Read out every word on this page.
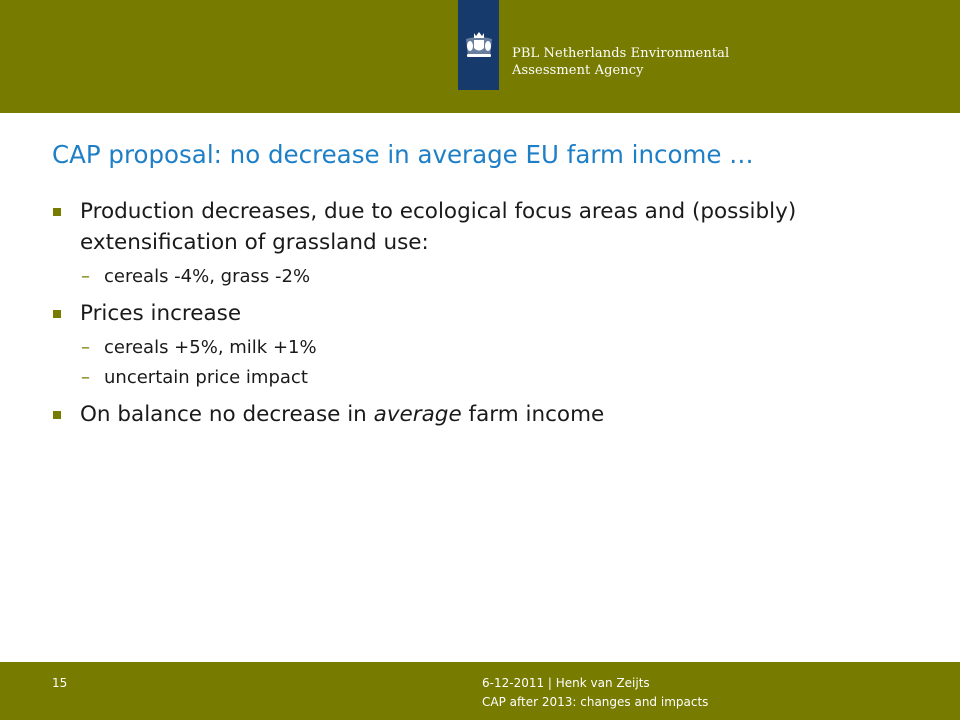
PBL Netherlands Environmental
Assessment Agency
CAP proposal: no decrease in average EU farm income …
Production decreases, due to ecological focus areas and (possibly) extensification of grassland use:
– cereals -4%, grass -2%
Prices increase
– cereals +5%, milk +1%
– uncertain price impact
On balance no decrease in average farm income
15	6-12-2011 | Henk van Zeijts
CAP after 2013: changes and impacts
